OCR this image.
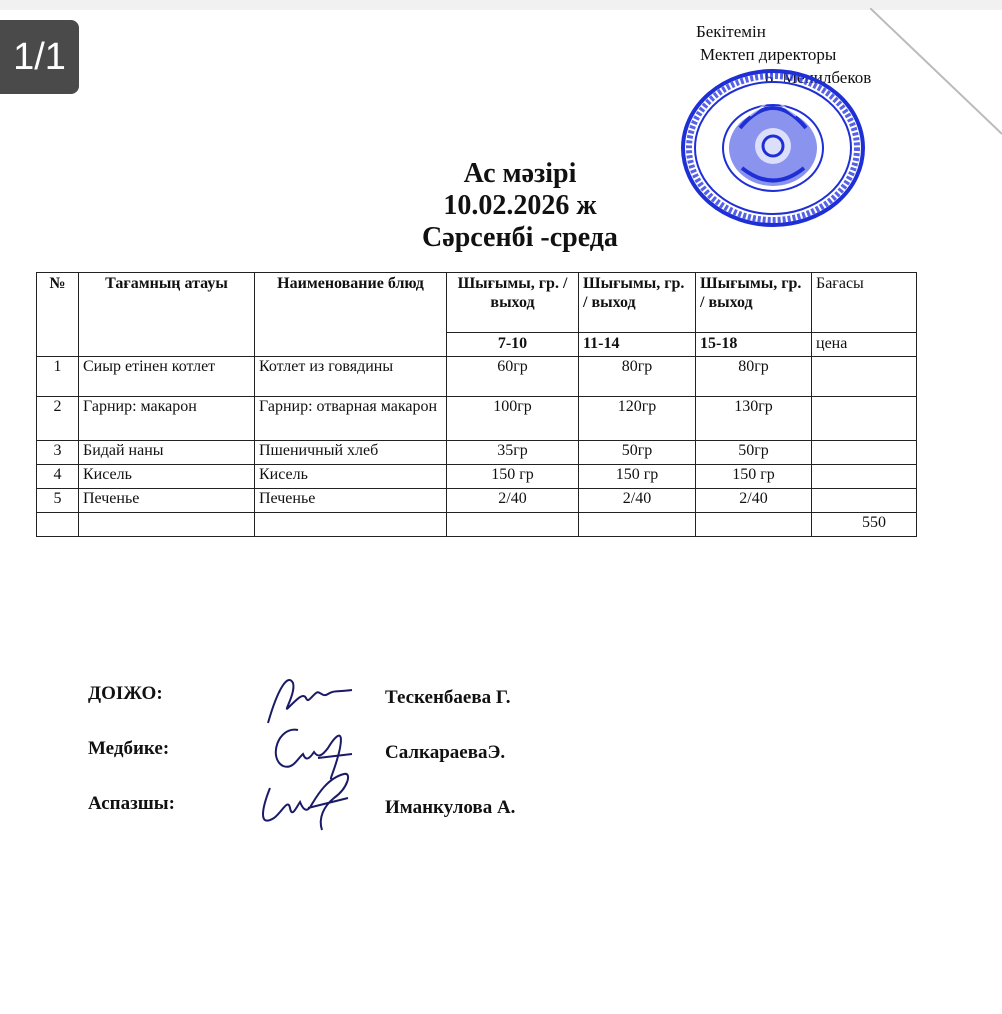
1/1
Бекітемін
Мектеп директоры
Б. Менилбеков
Ас мәзірі
10.02.2026 ж
Сәрсенбі -среда
№	Тағамның атауы	Наименование блюд	Шығымы, гр. / выход	Шығымы, гр. / выход	Шығымы, гр. / выход	Бағасы
			7-10	11-14	15-18	цена
1	Сиыр етінен котлет	Котлет из говядины	60гр	80гр	80гр	
2	Гарнир: макарон	Гарнир: отварная макарон	100гр	120гр	130гр	
3	Бидай наны	Пшеничный хлеб	35гр	50гр	50гр	
4	Кисель	Кисель	150 гр	150 гр	150 гр	
5	Печенье	Печенье	2/40	2/40	2/40	
						550
ДОІЖО:	Тескенбаева Г.
Медбике:	СалкараеваЭ.
Аспазшы:	Иманкулова А.
